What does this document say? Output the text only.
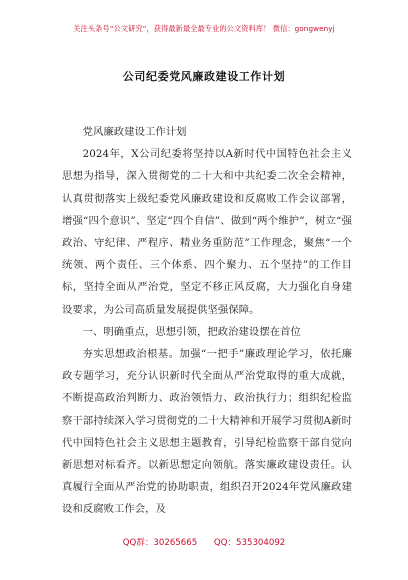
关注头条号“公文研究”，获得最新最全最专业的公文资料库！ 微信：gongwenyj
公司纪委党风廉政建设工作计划

党风廉政建设工作计划

2024年，X公司纪委将坚持以A新时代中国特色社会主义思想为指导，深入贯彻党的二十大和中共纪委二次全会精神，认真贯彻落实上级纪委党风廉政建设和反腐败工作会议部署，增强“四个意识”、坚定“四个自信”、做到“两个维护”，树立“强政治、守纪律、严程序、精业务重防范”工作理念，聚焦“一个统领、两个责任、三个体系、四个聚力、五个坚持”的工作目标，坚持全面从严治党，坚定不移正风反腐，大力强化自身建设要求，为公司高质量发展提供坚强保障。

一、明确重点，思想引领，把政治建设摆在首位

夯实思想政治根基。加强“一把手”廉政理论学习，依托廉政专题学习，充分认识新时代全面从严治党取得的重大成就，不断提高政治判断力、政治领悟力、政治执行力；组织纪检监察干部持续深入学习贯彻党的二十大精神和开展学习贯彻A新时代中国特色社会主义思想主题教育，引导纪检监察干部自觉向新思想对标看齐。以新思想定向领航。落实廉政建设责任。认真履行全面从严治党的协助职责，组织召开2024年党风廉政建设和反腐败工作会，及

QQ群：30265665 QQ：535304092
